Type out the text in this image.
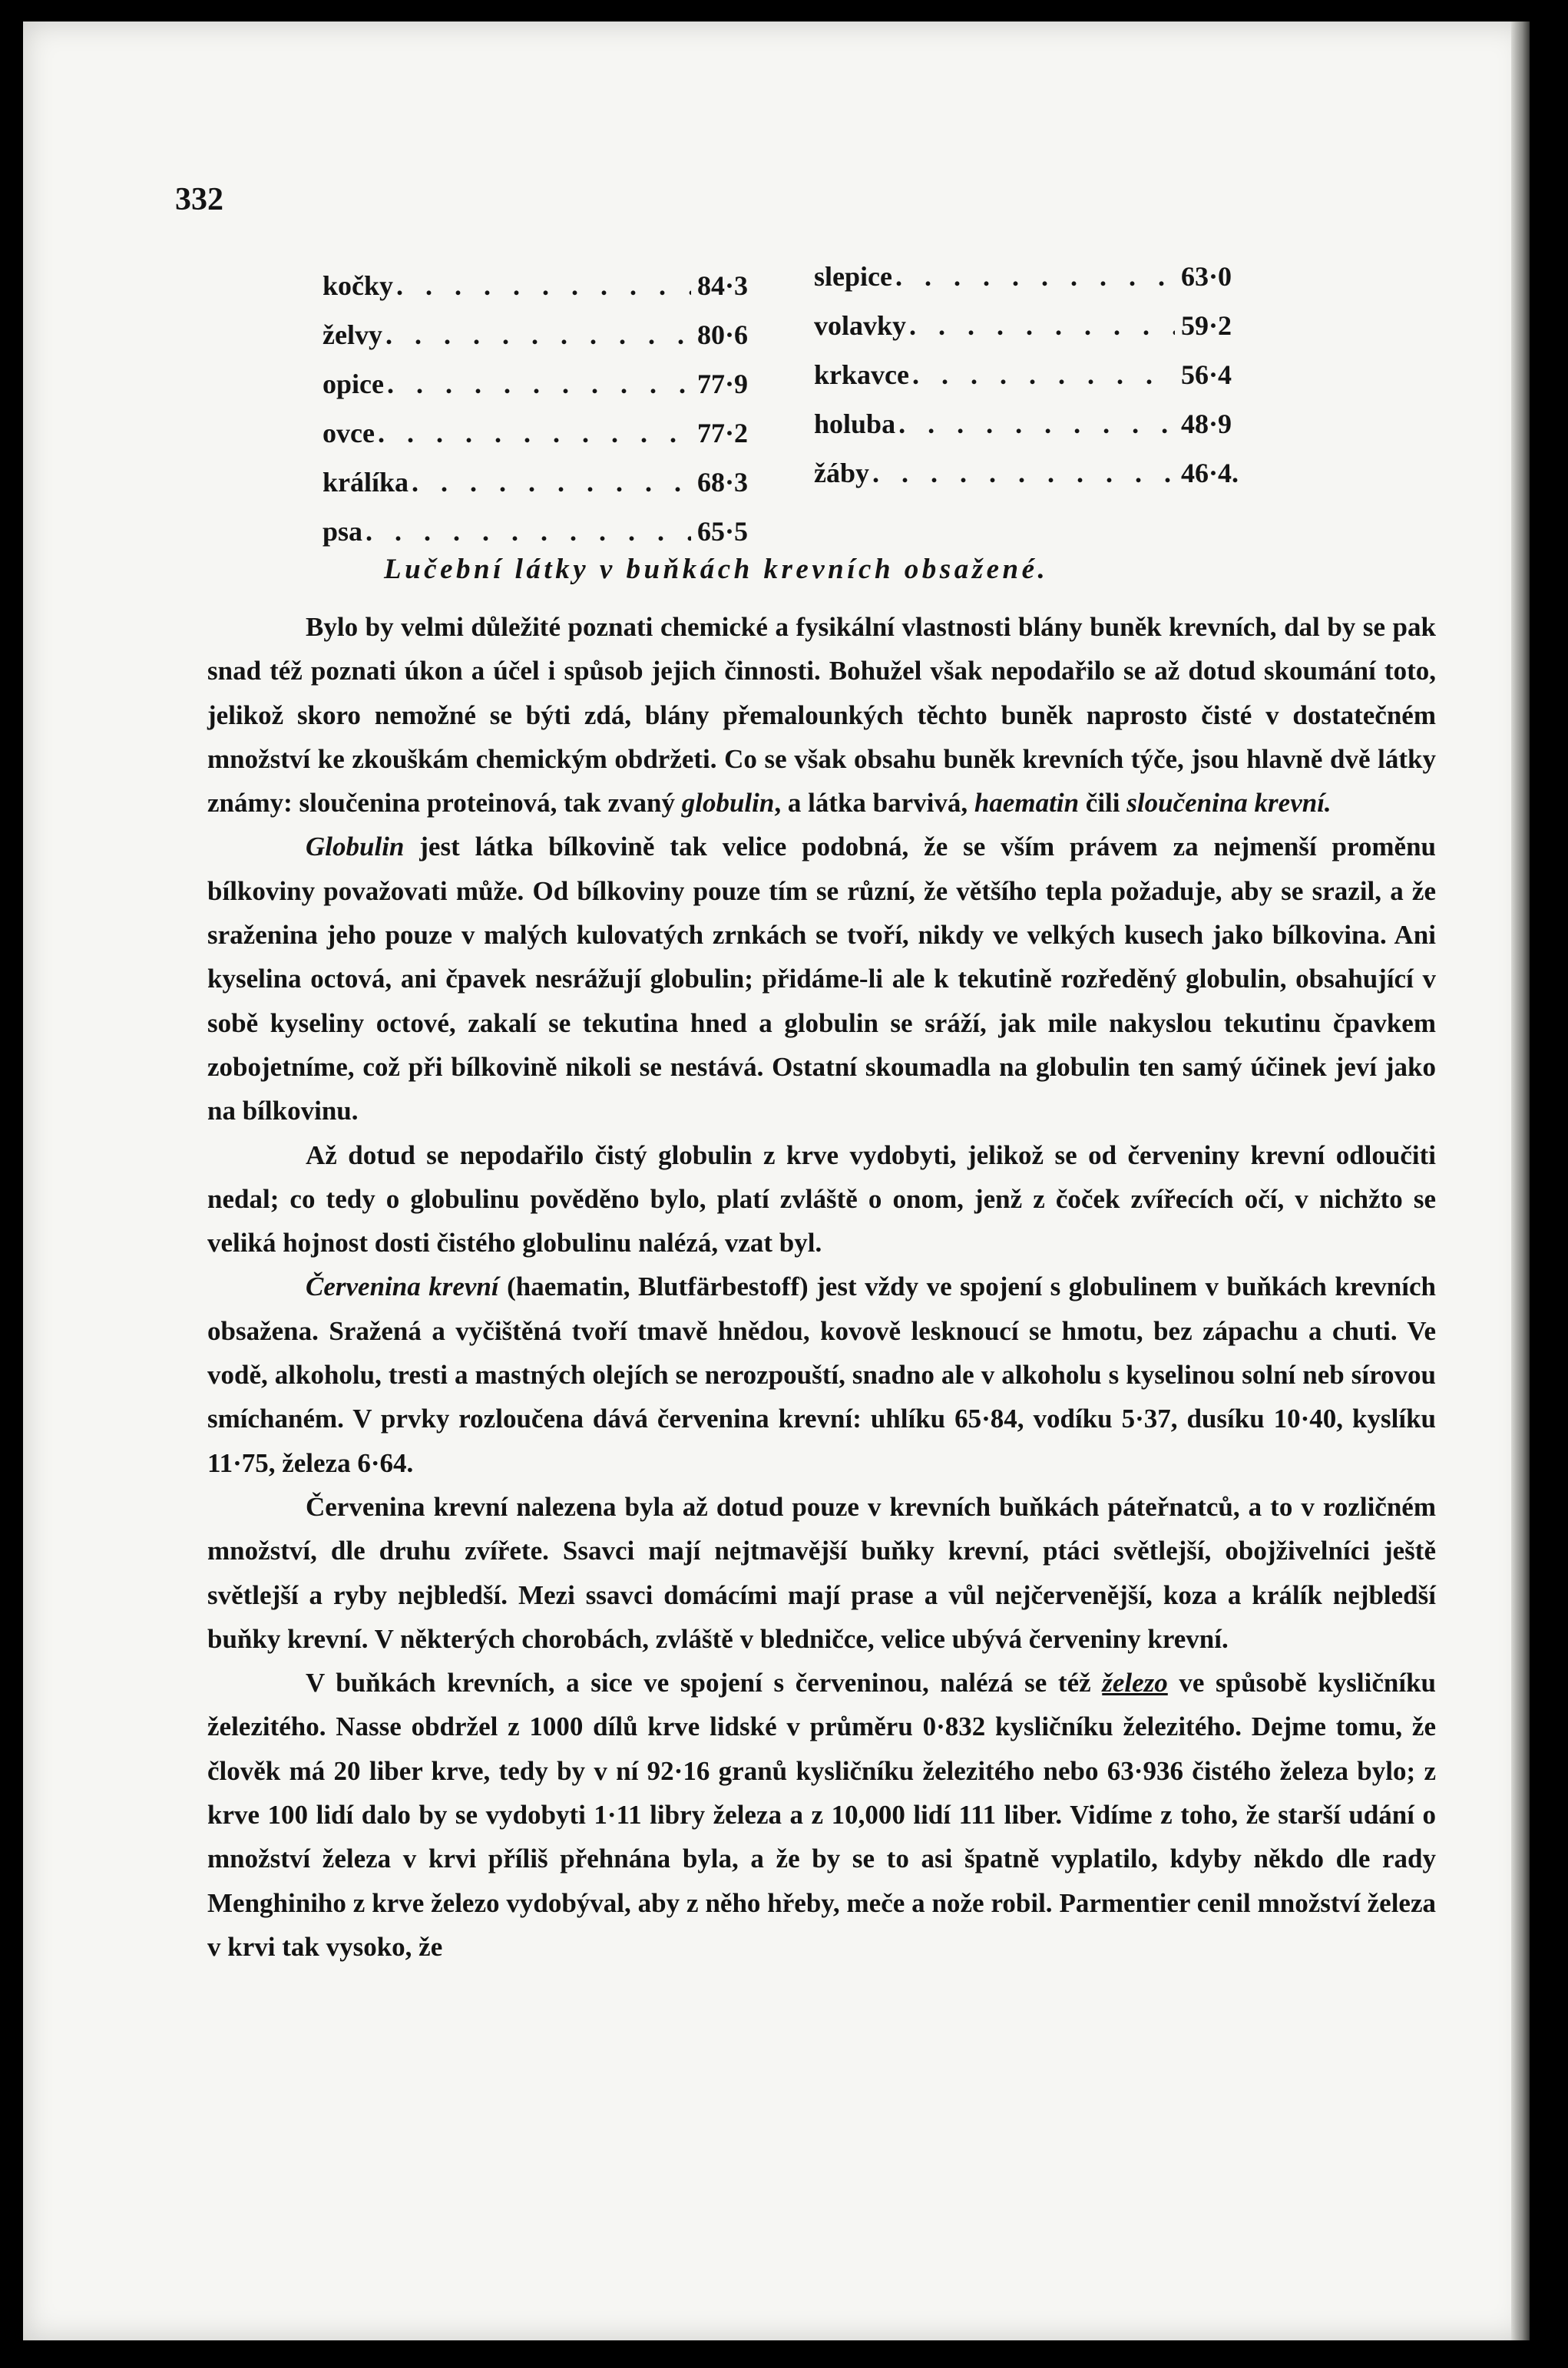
332
kočky . . .	84·3
želvy . . .	80·6
opice . . .	77·9
ovce . . .	77·2
králíka . . .	68·3
psa . . .	65·5
slepice . . .	63·0
volavky . . .	59·2
krkavce . . .	56·4
holuba . . .	48·9
žáby . . .	46·4.
Lučební látky v buňkách krevních obsažené.

Bylo by velmi důležité poznati chemické a fysikální vlastnosti blány buněk krevních, dal by se pak snad též poznati úkon a účel i spůsob jejich činnosti. Bohužel však nepodařilo se až dotud skoumání toto, jelikož skoro nemožné se býti zdá, blány přemalounkých těchto buněk naprosto čisté v dostatečném množství ke zkouškám chemickým obdržeti. Co se však obsahu buněk krevních týče, jsou hlavně dvě látky známy: sloučenina proteinová, tak zvaný globulin, a látka barvivá, haematin čili sloučenina krevní.

Globulin jest látka bílkovině tak velice podobná, že se vším právem za nejmenší proměnu bílkoviny považovati může. Od bílkoviny pouze tím se různí, že většího tepla požaduje, aby se srazil, a že sraženina jeho pouze v malých kulovatých zrnkách se tvoří, nikdy ve velkých kusech jako bílkovina. Ani kyselina octová, ani čpavek nesrážují globulin; přidáme-li ale k tekutině rozředěný globulin, obsahující v sobě kyseliny octové, zakalí se tekutina hned a globulin se sráží, jak mile nakyslou tekutinu čpavkem zobojetníme, což při bílkovině nikoli se nestává. Ostatní skoumadla na globulin ten samý účinek jeví jako na bílkovinu.

Až dotud se nepodařilo čistý globulin z krve vydobyti, jelikož se od červeniny krevní odloučiti nedal; co tedy o globulinu pověděno bylo, platí zvláště o onom, jenž z čoček zvířecích očí, v nichžto se veliká hojnost dosti čistého globulinu nalézá, vzat byl.

Červenina krevní (haematin, Blutfärbestoff) jest vždy ve spojení s globulinem v buňkách krevních obsažena. Sražená a vyčištěná tvoří tmavě hnědou, kovově lesknoucí se hmotu, bez zápachu a chuti. Ve vodě, alkoholu, tresti a mastných olejích se nerozpouští, snadno ale v alkoholu s kyselinou solní neb sírovou smíchaném. V prvky rozloučena dává červenina krevní: uhlíku 65·84, vodíku 5·37, dusíku 10·40, kyslíku 11·75, železa 6·64.

Červenina krevní nalezena byla až dotud pouze v krevních buňkách páteřnatců, a to v rozličném množství, dle druhu zvířete. Ssavci mají nejtmavější buňky krevní, ptáci světlejší, obojživelníci ještě světlejší a ryby nejbledší. Mezi ssavci domácími mají prase a vůl nejčervenější, koza a králík nejbledší buňky krevní. V některých chorobách, zvláště v bledničce, velice ubývá červeniny krevní.

V buňkách krevních, a sice ve spojení s červeninou, nalézá se též železo ve spůsobě kysličníku železitého. Nasse obdržel z 1000 dílů krve lidské v průměru 0·832 kysličníku železitého. Dejme tomu, že člověk má 20 liber krve, tedy by v ní 92·16 granů kysličníku železitého nebo 63·936 čistého železa bylo; z krve 100 lidí dalo by se vydobyti 1·11 libry železa a z 10,000 lidí 111 liber. Vidíme z toho, že starší udání o množství železa v krvi příliš přehnána byla, a že by se to asi špatně vyplatilo, kdyby někdo dle rady Menghiniho z krve železo vydobýval, aby z něho hřeby, meče a nože robil. Parmentier cenil množství železa v krvi tak vysoko, že
